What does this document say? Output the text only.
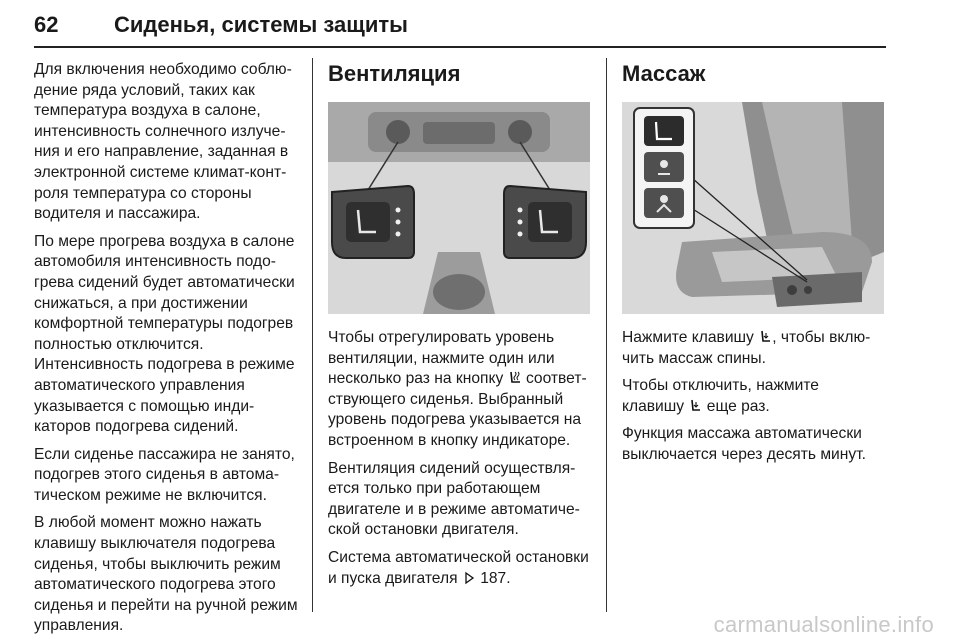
62	Сиденья, системы защиты

Для включения необходимо соблюдение ряда условий, таких как температура воздуха в салоне, интенсивность солнечного излучения и его направление, заданная в электронной системе климат-контроля температура со стороны водителя и пассажира.

По мере прогрева воздуха в салоне автомобиля интенсивность подогрева сидений будет автоматически снижаться, а при достижении комфортной температуры подогрев полностью отключится. Интенсивность подогрева в режиме автоматического управления указывается с помощью индикаторов подогрева сидений.

Если сиденье пассажира не занято, подогрев этого сиденья в автоматическом режиме не включится.

В любой момент можно нажать клавишу выключателя подогрева сиденья, чтобы выключить режим автоматического подогрева этого сиденья и перейти на ручной режим управления.

Вентиляция

Чтобы отрегулировать уровень вентиляции, нажмите один или несколько раз на кнопку соответствующего сиденья. Выбранный уровень подогрева указывается на встроенном в кнопку индикаторе.

Вентиляция сидений осуществляется только при работающем двигателе и в режиме автоматической остановки двигателя.

Система автоматической остановки и пуска двигателя 187.

Массаж

Нажмите клавишу , чтобы включить массаж спины.

Чтобы отключить, нажмите клавишу еще раз.

Функция массажа автоматически выключается через десять минут.

carmanualsonline.info
